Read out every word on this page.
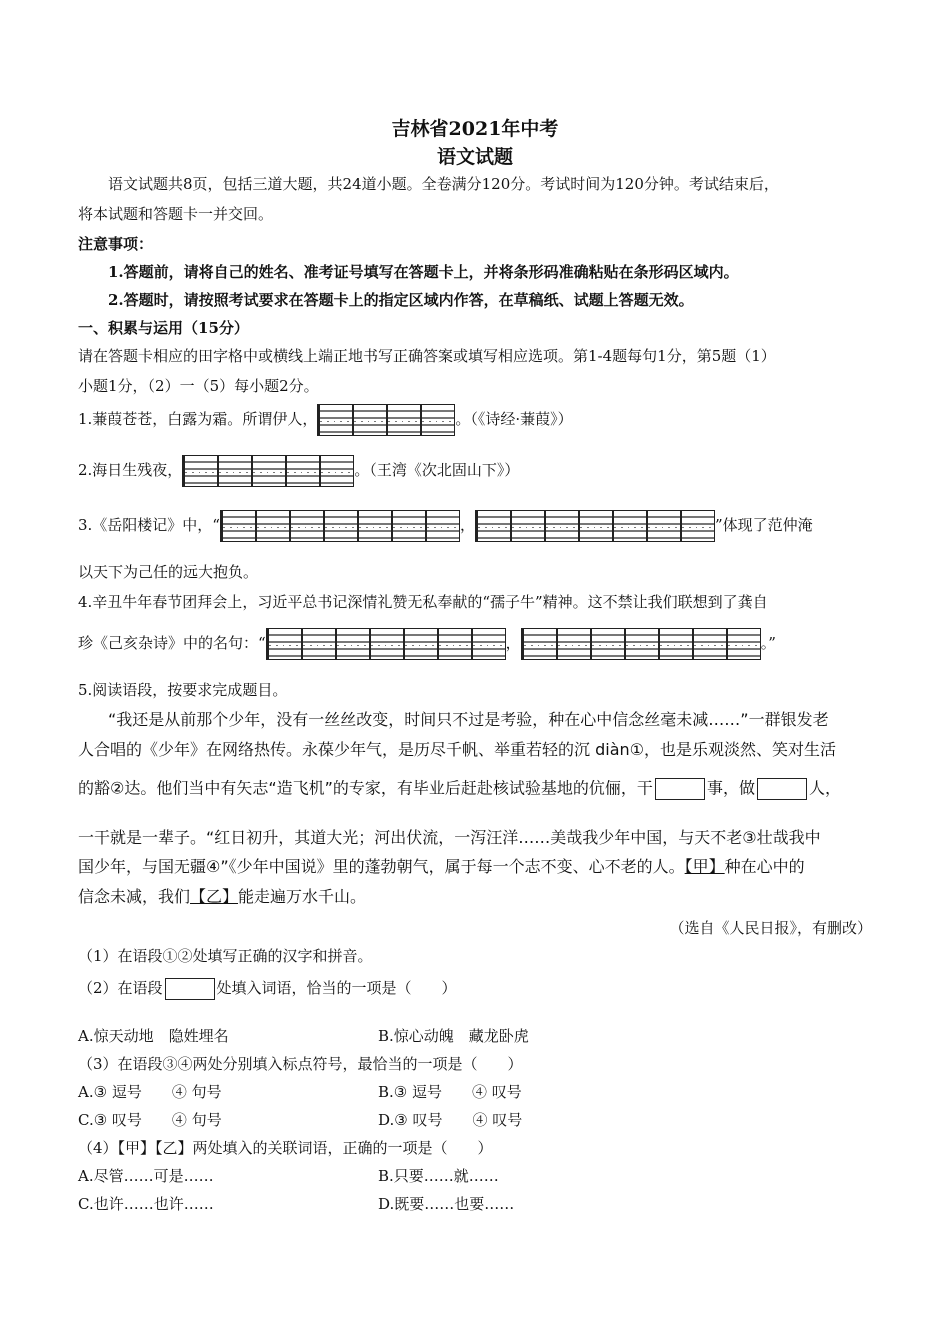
吉林省2021年中考
语文试题
语文试题共8页，包括三道大题，共24道小题。全卷满分120分。考试时间为120分钟。考试结束后，
将本试题和答题卡一并交回。
注意事项：
1.答题前，请将自己的姓名、准考证号填写在答题卡上，并将条形码准确粘贴在条形码区域内。
2.答题时，请按照考试要求在答题卡上的指定区域内作答，在草稿纸、试题上答题无效。
一、积累与运用（15分）
请在答题卡相应的田字格中或横线上端正地书写正确答案或填写相应选项。第1-4题每句1分，第5题（1）
小题1分，（2）一（5）每小题2分。
1.蒹葭苍苍，白露为霜。所谓伊人，	。（《诗经·蒹葭》）
2.海日生残夜，	。（王湾《次北固山下》）
3.《岳阳楼记》中，“	，	”体现了范仲淹
以天下为己任的远大抱负。
4.辛丑牛年春节团拜会上，习近平总书记深情礼赞无私奉献的“孺子牛”精神。这不禁让我们联想到了龚自
珍《己亥杂诗》中的名句：“	，	。”
5.阅读语段，按要求完成题目。
“我还是从前那个少年，没有一丝丝改变，时间只不过是考验，种在心中信念丝毫未减……”一群银发老
人合唱的《少年》在网络热传。永葆少年气，是历尽千帆、举重若轻的沉 diàn①，也是乐观淡然、笑对生活
的豁②达。他们当中有矢志“造飞机”的专家，有毕业后赶赴核试验基地的伉俪，干	事，做	人，
一干就是一辈子。“红日初升，其道大光；河出伏流，一泻汪洋……美哉我少年中国，与天不老③壮哉我中
国少年，与国无疆④”《少年中国说》里的蓬勃朝气，属于每一个志不变、心不老的人。【甲】种在心中的
信念未减，我们【乙】能走遍万水千山。
（选自《人民日报》，有删改）
（1）在语段①②处填写正确的汉字和拼音。
（2）在语段	处填入词语，恰当的一项是（　　）
A.惊天动地　隐姓埋名	B.惊心动魄　藏龙卧虎
（3）在语段③④两处分别填入标点符号，最恰当的一项是（　　）
A.③ 逗号　　④ 句号	B.③ 逗号　　④ 叹号
C.③ 叹号　　④ 句号	D.③ 叹号　　④ 叹号
（4）【甲】【乙】两处填入的关联词语，正确的一项是（　　）
A.尽管……可是……	B.只要……就……
C.也许……也许……	D.既要……也要……
